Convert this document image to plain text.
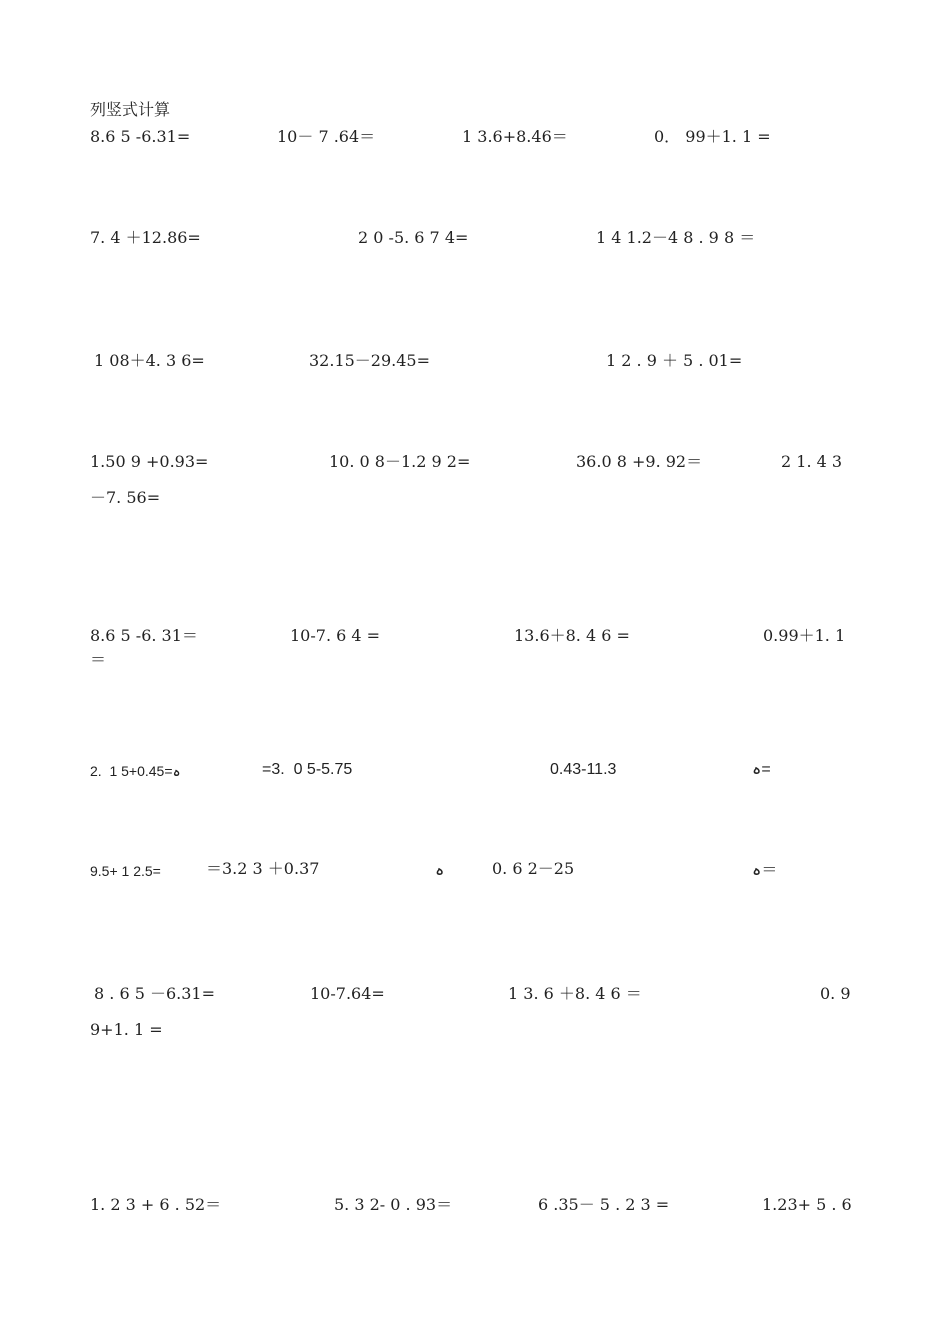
列竖式计算
8.6 5 -6.31=	10－ 7 .64＝	1 3.6+8.46＝	0． 99＋1. 1 =
7. 4 ＋12.86=	2 0 -5. 6 7 4=	1 4 1.2－4 8 . 9 8 ＝
1 08＋4. 3 6=	32.15－29.45=	1 2 . 9 ＋ 5 . 01=
1.50 9 +0.93=	10. 0 8－1.2 9 2=	36.0 8 +9. 92＝	2 1. 4 3
－7. 56=
8.6 5 -6. 31＝	10-7. 6 4 =	13.6＋8. 4 6 =	0.99＋1. 1
＝
2.  1 5+0.45=ہ	=3.  0 5-5.75	0.43-11.3	ہ=
9.5+ 1 2.5=	＝3.2 3 ＋0.37	ہ	0. 6 2－25	ہ＝
8 . 6 5 －6.31=	10-7.64=	1 3. 6 ＋8. 4 6 ＝	0. 9
9+1. 1 =
1. 2 3 + 6 . 52＝	5. 3 2- 0 . 93＝	6 .35－ 5 . 2 3 =	1.23+ 5 . 6
